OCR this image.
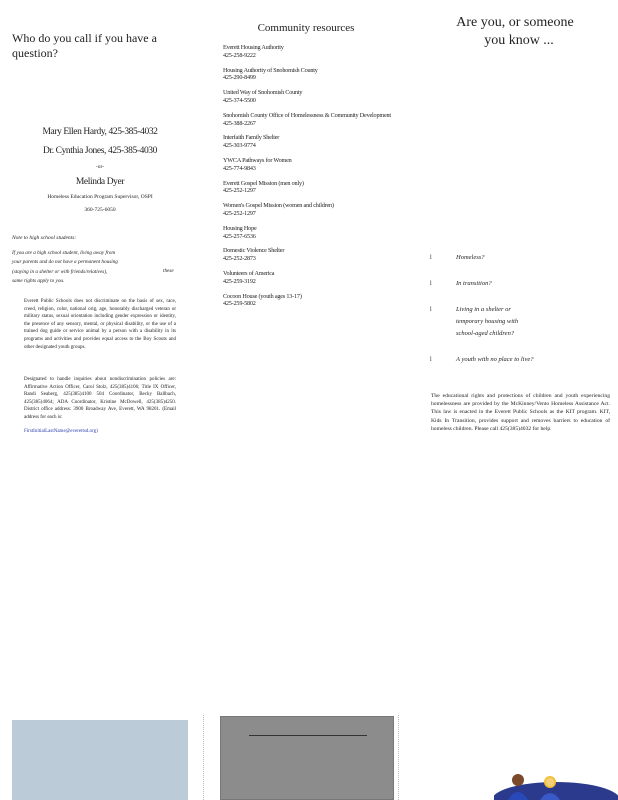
Who do you call if you have a question?
Mary Ellen Hardy, 425-385-4032
Dr. Cynthia Jones, 425-385-4030
-or-
Melinda Dyer
Homeless Education Program Supervisor, OSPI
360-725-6050
Note to high school students:
If you are a high school student, living away from
your parents and do not have a permanent housing
(staying in a shelter or with friends/relatives),	these
same rights apply to you.
Everett Public Schools does not discriminate on the basis of sex, race, creed, religion, color, national orig, age, honorably discharged veteran or military status, sexual orientation including gender expression or identity, the presence of any sensory, mental, or physical disability, or the use of a trained dog guide or service animal by a person with a disability in its programs and activities and provides equal access to the Boy Scouts and other designated youth groups.
Designated to handle inquiries about nondiscrimination policies are: Affirmative Action Officer, Carol Stolz, 425(385)4106; Title IX Officer, Randi Seaberg, 425(385)4100 504 Coordinator, Becky Ballbach, 425(385)4064; ADA Coordinator, Kristine McDowell, 425(385)4250. District office address: 3900 Broadway Ave, Everett, WA 98201. (Email address for each is:
FirstInitialLastName@everettsd.org)
Community resources
Everett Housing Authority
425-258-9222
Housing Authority of Snohomish County
425-290-8499
United Way of Snohomish County
425-374-5500
Snohomish County Office of Homelessness & Community Development
425-388-2267
Interfaith Family Shelter
425-303-9774
YWCA Pathways for Women
425-774-9843
Everett Gospel Mission (men only)
425-252-1297
Women's Gospel Mission (women and children)
425-252-1297
Housing Hope
425-257-6536
Domestic Violence Shelter
425-252-2873
Volunteers of America
425-259-3192
Cocoon House (youth ages 13-17)
425-259-5802
Are you, or someone
you know ...
l	Homeless?
l	In transition?
l	Living in a shelter or temporary housing with school-aged children?
l	A youth with no place to live?
The educational rights and protections of children and youth experiencing homelessness are provided by the McKinney/Vento Homeless Assistance Act. This law is enacted in the Everett Public Schools as the KIT program. KIT, Kids In Transition, provides support and removes barriers to education of homeless children. Please call 425(385)4032 for help.
